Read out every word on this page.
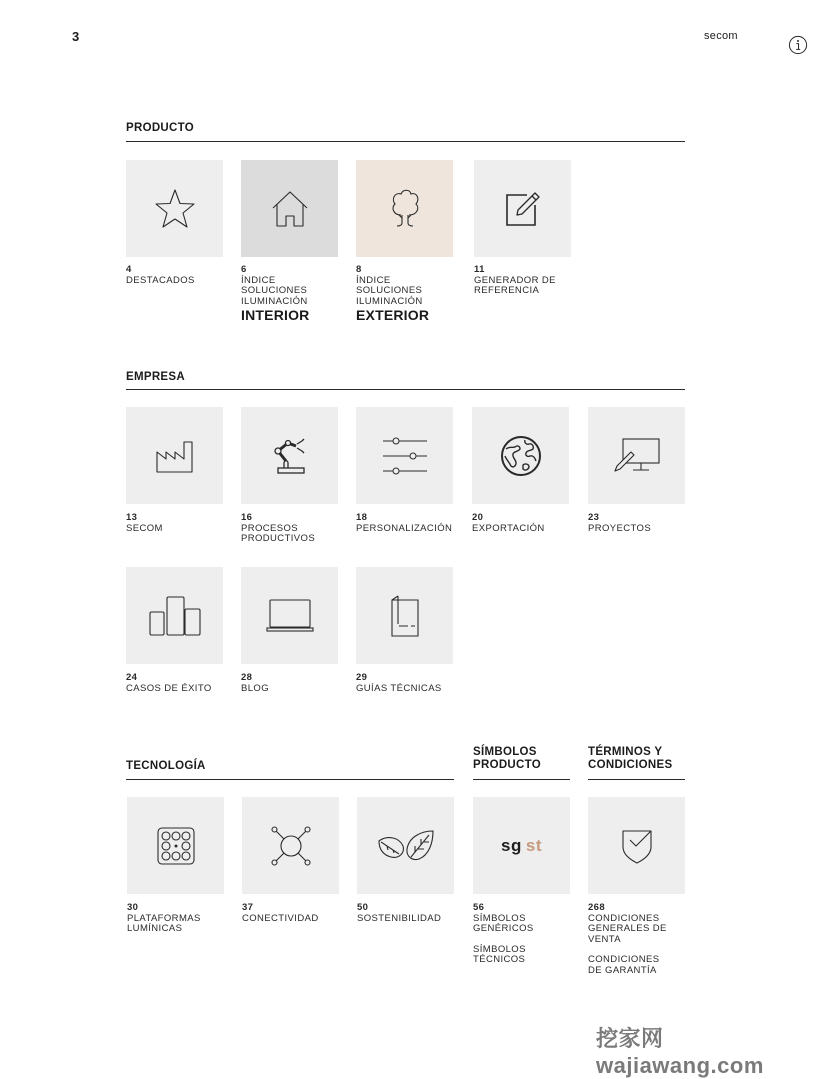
3	secom
PRODUCTO
4
DESTACADOS
6
ÍNDICE
SOLUCIONES
ILUMINACIÓN
INTERIOR
8
ÍNDICE
SOLUCIONES
ILUMINACIÓN
EXTERIOR
11
GENERADOR DE
REFERENCIA
EMPRESA
13
SECOM
16
PROCESOS
PRODUCTIVOS
18
PERSONALIZACIÓN
20
EXPORTACIÓN
23
PROYECTOS
24
CASOS DE ÉXITO
28
BLOG
29
GUÍAS TÉCNICAS
TECNOLOGÍA
SÍMBOLOS
PRODUCTO
TÉRMINOS Y
CONDICIONES
30
PLATAFORMAS
LUMÍNICAS
37
CONECTIVIDAD
50
SOSTENIBILIDAD
sg st
56
SÍMBOLOS
GENÉRICOS
SÍMBOLOS
TÉCNICOS
268
CONDICIONES
GENERALES DE
VENTA
CONDICIONES
DE GARANTÍA
挖家网 wajiawang.com
